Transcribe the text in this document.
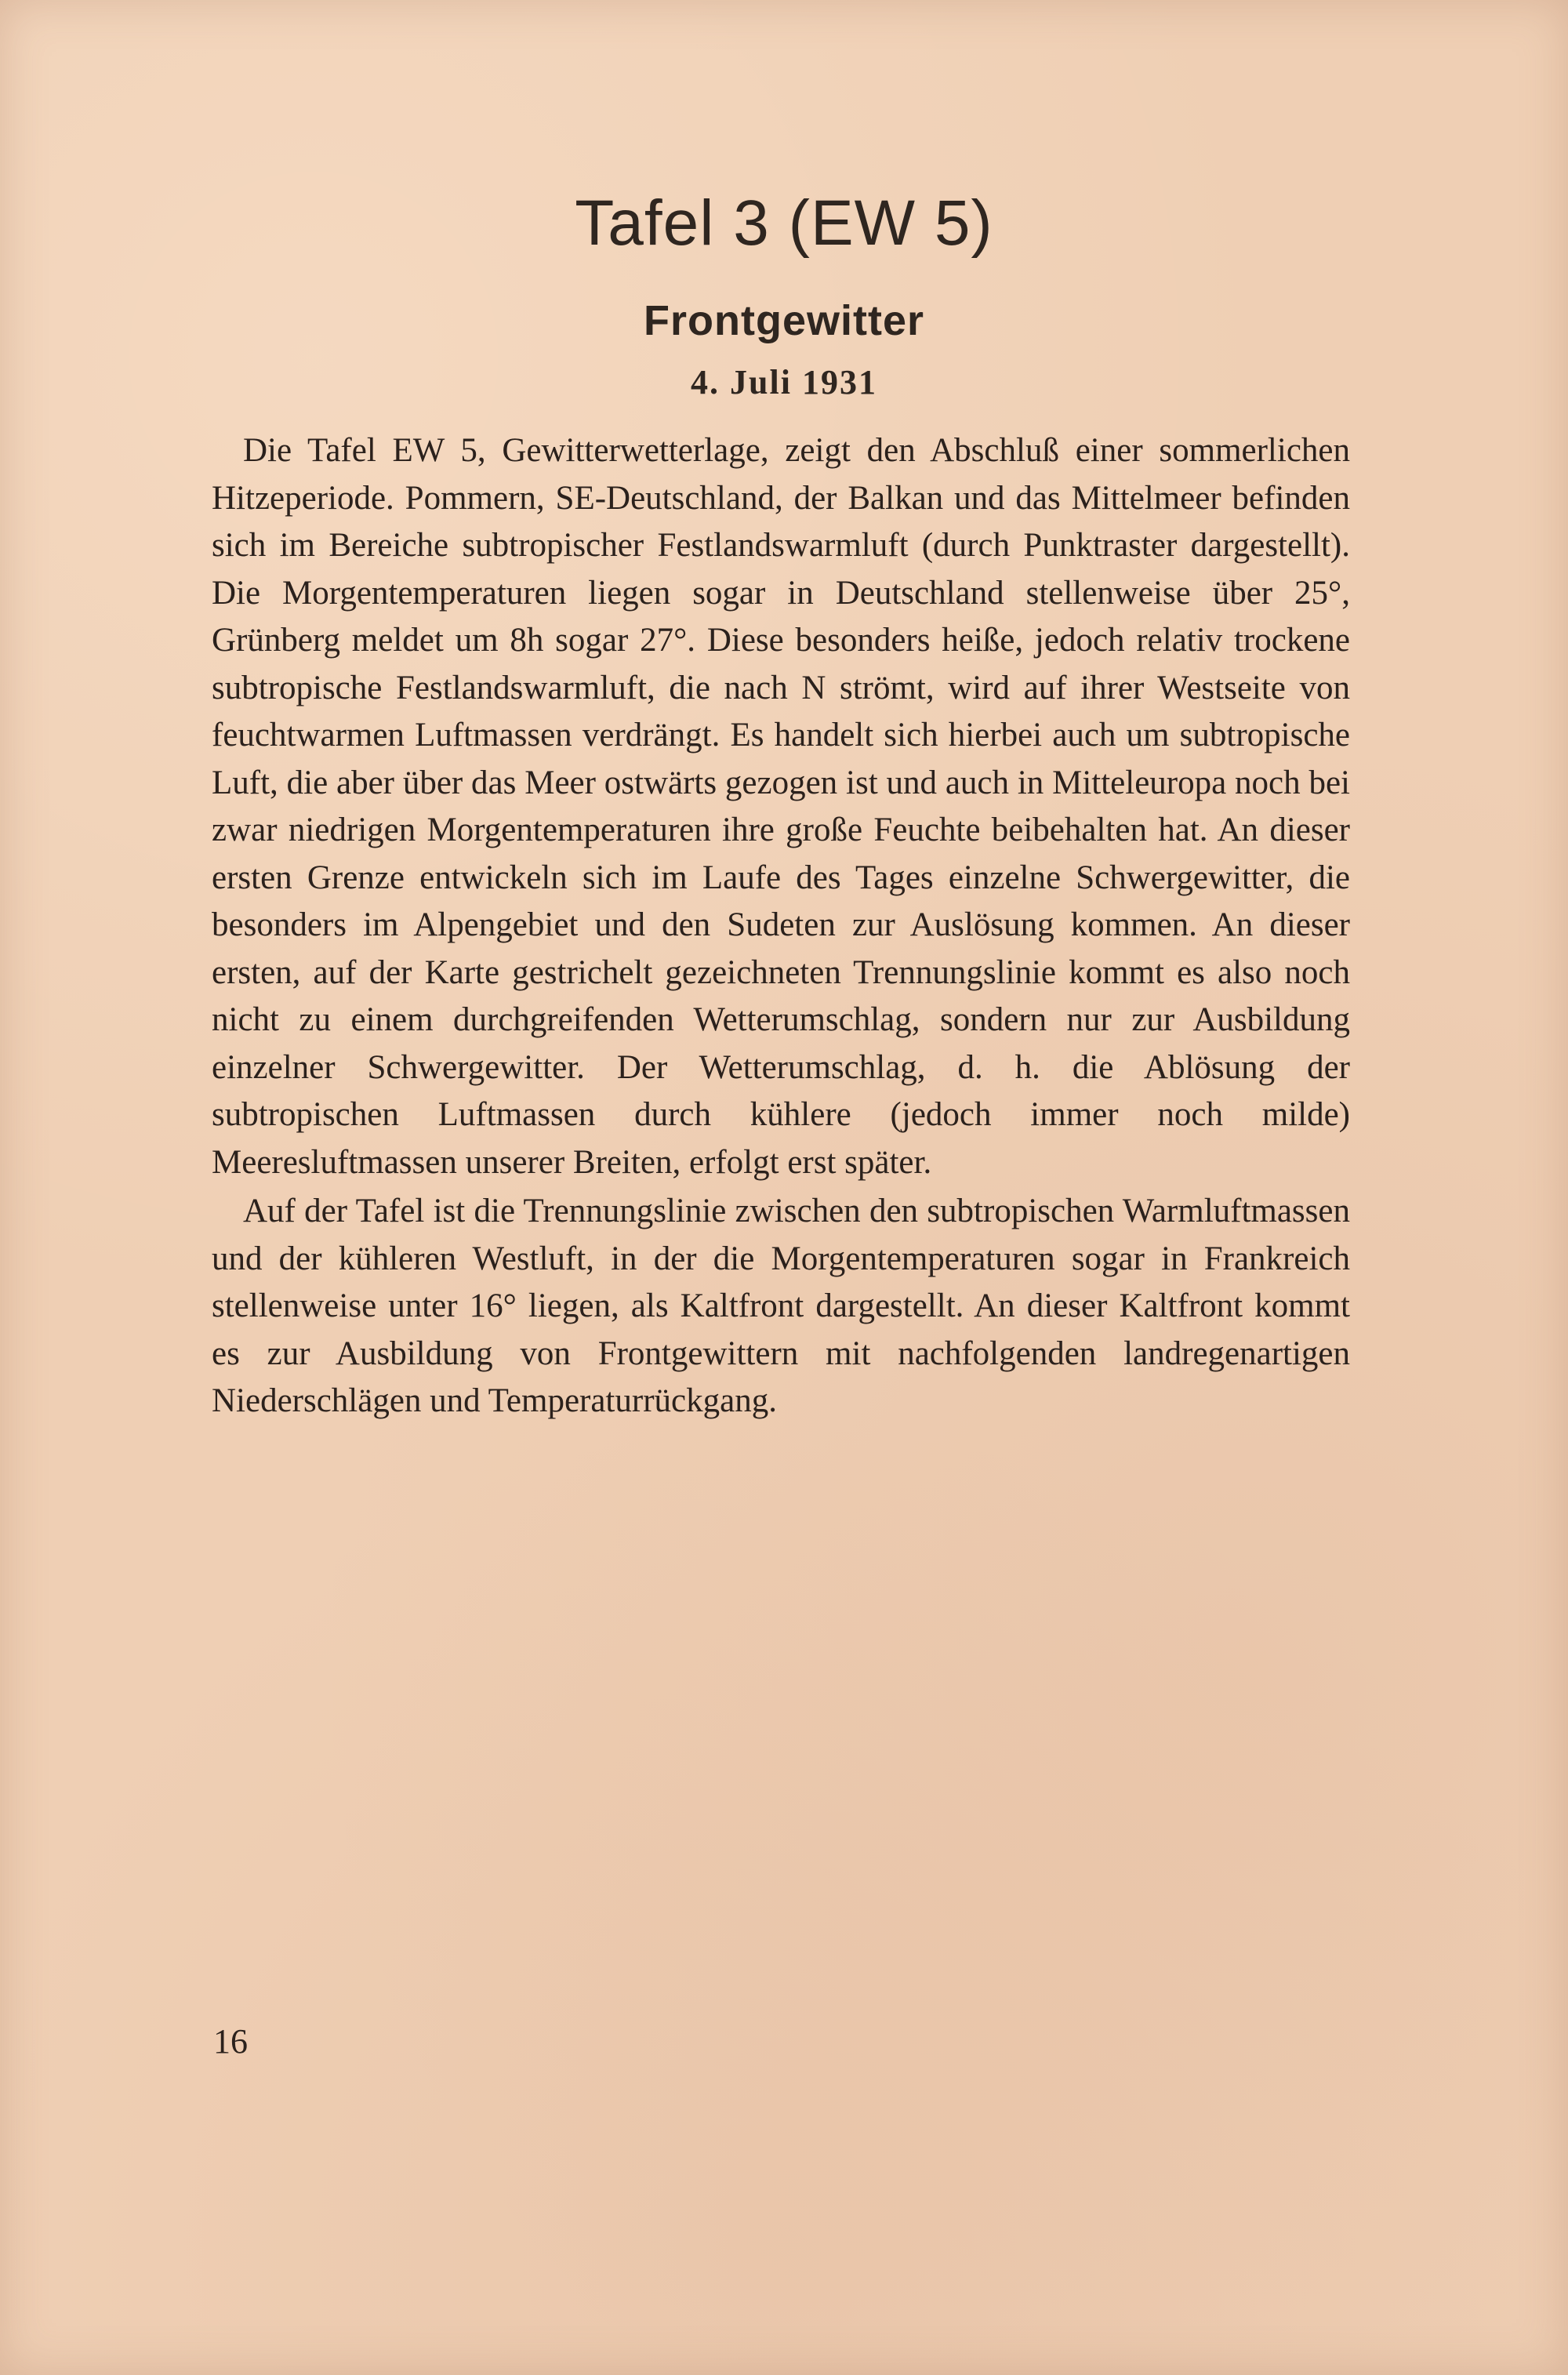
Tafel 3 (EW 5)
Frontgewitter
4. Juli 1931

Die Tafel EW 5, Gewitterwetterlage, zeigt den Abschluß einer sommerlichen Hitzeperiode. Pommern, SE-Deutschland, der Balkan und das Mittelmeer befinden sich im Bereiche subtropischer Festlandswarmluft (durch Punktraster dargestellt). Die Morgentemperaturen liegen sogar in Deutschland stellenweise über 25°, Grünberg meldet um 8h sogar 27°. Diese besonders heiße, jedoch relativ trockene subtropische Festlandswarmluft, die nach N strömt, wird auf ihrer Westseite von feuchtwarmen Luftmassen verdrängt. Es handelt sich hierbei auch um subtropische Luft, die aber über das Meer ostwärts gezogen ist und auch in Mitteleuropa noch bei zwar niedrigen Morgentemperaturen ihre große Feuchte beibehalten hat. An dieser ersten Grenze entwickeln sich im Laufe des Tages einzelne Schwergewitter, die besonders im Alpengebiet und den Sudeten zur Auslösung kommen. An dieser ersten, auf der Karte gestrichelt gezeichneten Trennungslinie kommt es also noch nicht zu einem durchgreifenden Wetterumschlag, sondern nur zur Ausbildung einzelner Schwergewitter. Der Wetterumschlag, d. h. die Ablösung der subtropischen Luftmassen durch kühlere (jedoch immer noch milde) Meeresluftmassen unserer Breiten, erfolgt erst später.

Auf der Tafel ist die Trennungslinie zwischen den subtropischen Warmluftmassen und der kühleren Westluft, in der die Morgentemperaturen sogar in Frankreich stellenweise unter 16° liegen, als Kaltfront dargestellt. An dieser Kaltfront kommt es zur Ausbildung von Frontgewittern mit nachfolgenden landregenartigen Niederschlägen und Temperaturrückgang.

16
